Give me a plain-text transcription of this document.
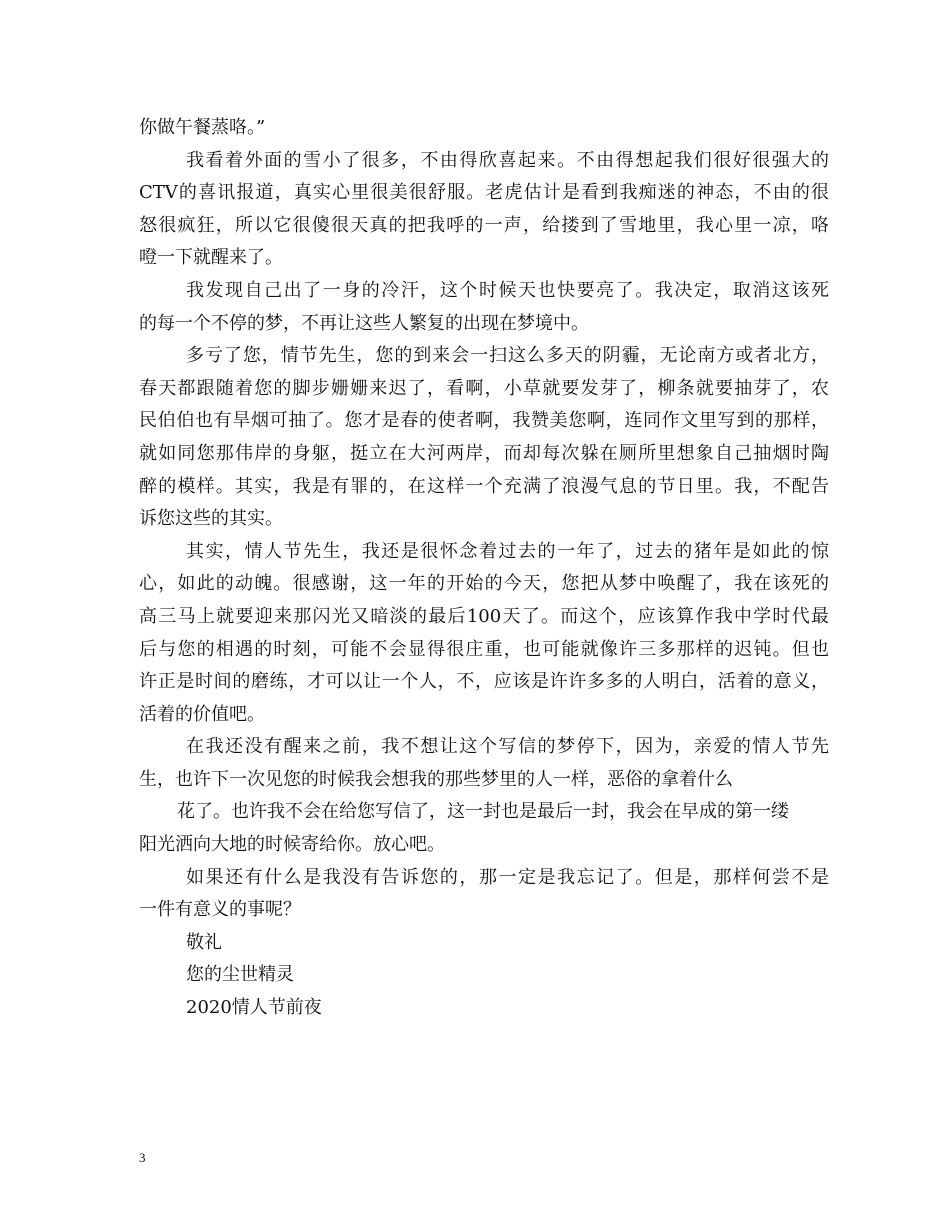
你做午餐蒸咯。”
我看着外面的雪小了很多，不由得欣喜起来。不由得想起我们很好很强大的
CTV的喜讯报道，真实心里很美很舒服。老虎估计是看到我痴迷的神态，不由的很
怒很疯狂，所以它很傻很天真的把我呼的一声，给搂到了雪地里，我心里一凉，咯
噔一下就醒来了。
我发现自己出了一身的冷汗，这个时候天也快要亮了。我决定，取消这该死
的每一个不停的梦，不再让这些人繁复的出现在梦境中。
多亏了您，情节先生，您的到来会一扫这么多天的阴霾，无论南方或者北方，
春天都跟随着您的脚步姗姗来迟了，看啊，小草就要发芽了，柳条就要抽芽了，农
民伯伯也有旱烟可抽了。您才是春的使者啊，我赞美您啊，连同作文里写到的那样，
就如同您那伟岸的身躯，挺立在大河两岸，而却每次躲在厕所里想象自己抽烟时陶
醉的模样。其实，我是有罪的，在这样一个充满了浪漫气息的节日里。我，不配告
诉您这些的其实。
其实，情人节先生，我还是很怀念着过去的一年了，过去的猪年是如此的惊
心，如此的动魄。很感谢，这一年的开始的今天，您把从梦中唤醒了，我在该死的
高三马上就要迎来那闪光又暗淡的最后100天了。而这个，应该算作我中学时代最
后与您的相遇的时刻，可能不会显得很庄重，也可能就像许三多那样的迟钝。但也
许正是时间的磨练，才可以让一个人，不，应该是许许多多的人明白，活着的意义，
活着的价值吧。
在我还没有醒来之前，我不想让这个写信的梦停下，因为，亲爱的情人节先
生，也许下一次见您的时候我会想我的那些梦里的人一样，恶俗的拿着什么
花了。也许我不会在给您写信了，这一封也是最后一封，我会在早成的第一缕
阳光洒向大地的时候寄给你。放心吧。
如果还有什么是我没有告诉您的，那一定是我忘记了。但是，那样何尝不是
一件有意义的事呢？
敬礼
您的尘世精灵
2020情人节前夜
3
